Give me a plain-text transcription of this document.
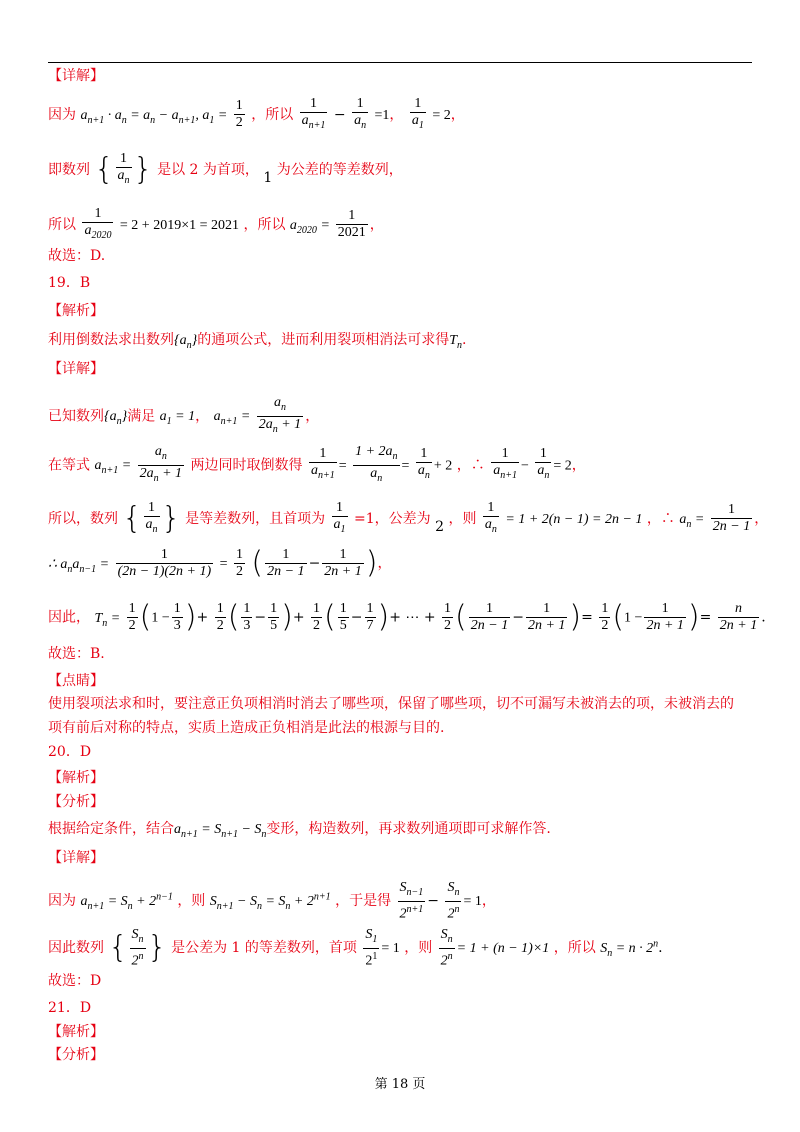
【详解】
因为 $a_{n+1} \cdot a_n = a_n - a_{n+1}$, $a_1 = \frac{1}{2}$ ，所以 $\frac{1}{a_{n+1}} - \frac{1}{a_n} =1$， $\frac{1}{a_1} = 2$，
即数列 { $\frac{1}{a_n}$ } 是以 2 为首项， 1 为公差的等差数列，
所以 $\frac{1}{a_{2020}} = 2 + 2019\times 1 = 2021$ ，所以 $a_{2020} = \frac{1}{2021}$ ，
故选：D.
19．B
【解析】
利用倒数法求出数列$\{a_n\}$的通项公式，进而利用裂项相消法可求得$T_n$.
【详解】
已知数列$\{a_n\}$满足 $a_1 = 1$， $a_{n+1} = \frac{a_n}{2a_n + 1}$ ，
在等式 $a_{n+1} = \frac{a_n}{2a_n + 1}$ 两边同时取倒数得 $\frac{1}{a_{n+1}} = \frac{1 + 2a_n}{a_n} = \frac{1}{a_n} + 2$ ，∴ $\frac{1}{a_{n+1}} - \frac{1}{a_n} = 2$，
所以，数列 { $\frac{1}{a_n}$ } 是等差数列，且首项为 $\frac{1}{a_1} =1$，公差为 2 ，则 $\frac{1}{a_n} = 1 + 2(n - 1) = 2n - 1$ ，∴ $a_n = \frac{1}{2n - 1}$ ，
∴ $a_na_{n-1} = \frac{1}{(2n - 1)(2n + 1)} = \frac{1}{2}$ ( $\frac{1}{2n - 1} - \frac{1}{2n + 1}$ )，
因此， $T_n = \frac{1}{2} (1 - \frac{1}{3}$ )+ $\frac{1}{2}$ ( $\frac{1}{3} - \frac{1}{5}$ )+ $\frac{1}{2}$ ( $\frac{1}{5} - \frac{1}{7}$ )+ ⋯ + $\frac{1}{2}$ ( $\frac{1}{2n - 1} - \frac{1}{2n + 1}$ )= $\frac{1}{2} (1 - \frac{1}{2n + 1}$ )= $\frac{n}{2n + 1}$ .
故选：B.
【点睛】
使用裂项法求和时，要注意正负项相消时消去了哪些项，保留了哪些项，切不可漏写未被消去的项，未被消去的
项有前后对称的特点，实质上造成正负相消是此法的根源与目的.
20．D
【解析】
【分析】
根据给定条件，结合$a_{n+1} = S_{n+1} - S_n$变形，构造数列，再求数列通项即可求解作答.
【详解】
因为 $a_{n+1} = S_n + 2^{n-1}$ ，则 $S_{n+1} - S_n = S_n + 2^{n+1}$ ，于是得 $\frac{S_{n-1}}{2^{n+1}} - \frac{S_n}{2^n} = 1$，
因此数列 { $\frac{S_n}{2^n}$ } 是公差为 1 的等差数列，首项 $\frac{S_1}{2^1} = 1$ ，则 $\frac{S_n}{2^n} = 1 + (n - 1)\times 1$ ，所以 $S_n = n \cdot 2^n$.
故选：D
21．D
【解析】
【分析】
第 18 页
